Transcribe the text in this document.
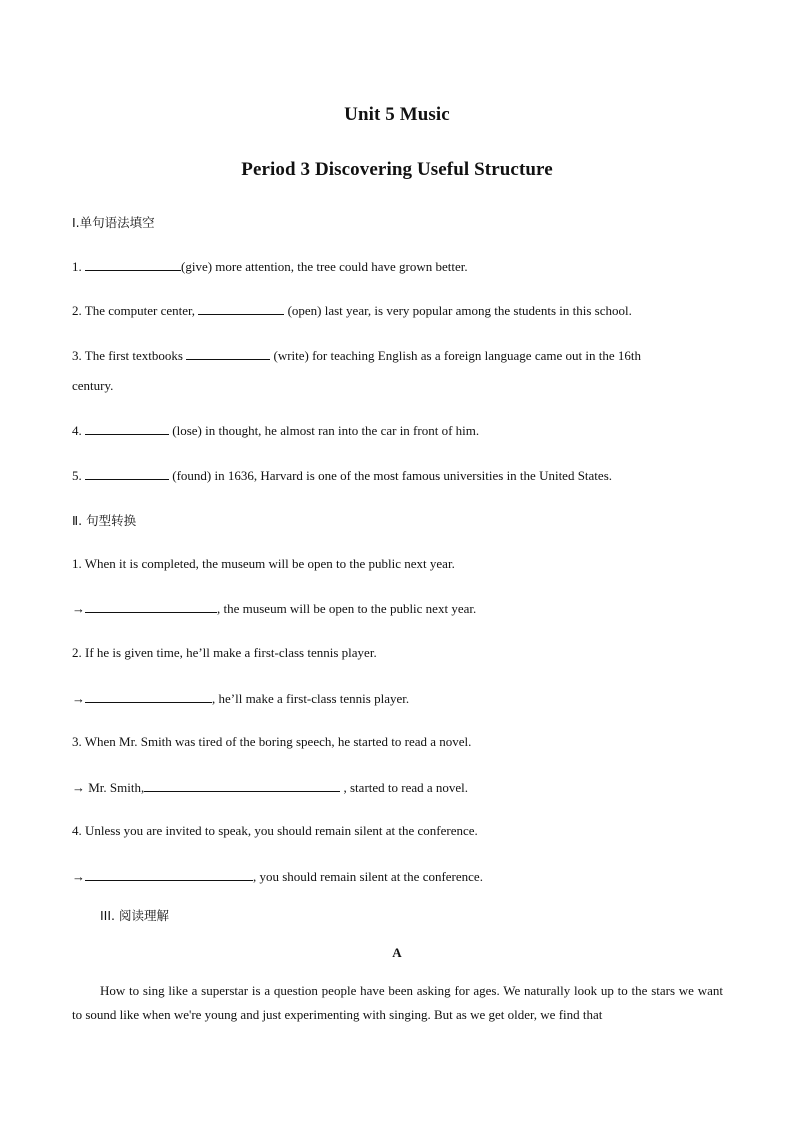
Unit 5 Music
Period 3 Discovering Useful Structure
I.单句语法填空
1.	(give) more attention, the tree could have grown better.
2. The computer center,	(open) last year, is very popular among the students in this school.
3. The first textbooks	(write) for teaching English as a foreign language came out in the 16th
century.
4.	(lose) in thought, he almost ran into the car in front of him.
5.	(found) in 1636, Harvard is one of the most famous universities in the United States.
Ⅱ. 句型转换
1. When it is completed, the museum will be open to the public next year.
→	, the museum will be open to the public next year.
2. If he is given time, he’ll make a first-class tennis player.
→	, he’ll make a first-class tennis player.
3. When Mr. Smith was tired of the boring speech, he started to read a novel.
→ Mr. Smith,	, started to read a novel.
4. Unless you are invited to speak, you should remain silent at the conference.
→	, you should remain silent at the conference.
III. 阅读理解
A
How to sing like a superstar is a question people have been asking for ages. We naturally look up to the stars we want to sound like when we're young and just experimenting with singing. But as we get older, we find that
